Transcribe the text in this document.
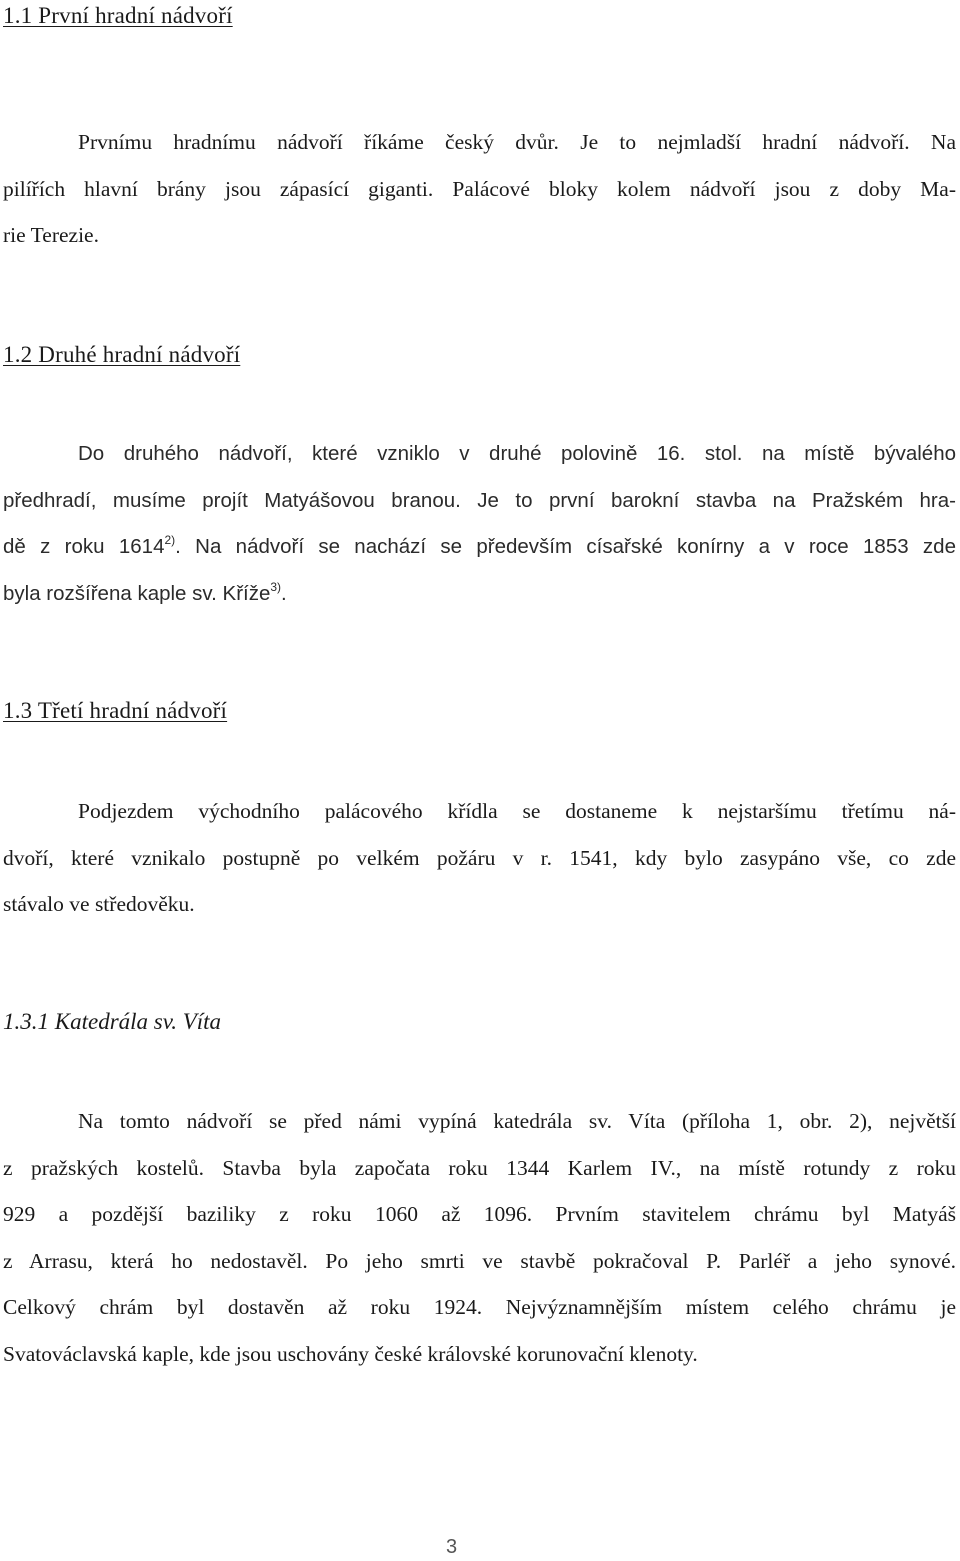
1.1 První hradní nádvoří

Prvnímu hradnímu nádvoří říkáme český dvůr. Je to nejmladší hradní nádvoří. Na
pilířích hlavní brány jsou zápasící giganti. Palácové bloky kolem nádvoří jsou z doby Ma-
rie Terezie.

1.2 Druhé hradní nádvoří

Do druhého nádvoří, které vzniklo v druhé polovině 16. stol. na místě bývalého
předhradí, musíme projít Matyášovou branou. Je to první barokní stavba na Pražském hra-
dě z roku 1614$^{2)}$. Na nádvoří se nachází se především císařské konírny a v roce 1853 zde
byla rozšířena kaple sv. Kříže$^{3)}$.

1.3 Třetí hradní nádvoří

Podjezdem východního palácového křídla se dostaneme k nejstaršímu třetímu ná-
dvoří, které vznikalo postupně po velkém požáru v r. 1541, kdy bylo zasypáno vše, co zde
stávalo ve středověku.

1.3.1 Katedrála sv. Víta

Na tomto nádvoří se před námi vypíná katedrála sv. Víta (příloha 1, obr. 2), největší
z pražských kostelů. Stavba byla započata roku 1344 Karlem IV., na místě rotundy z roku
929 a pozdější baziliky z roku 1060 až 1096. Prvním stavitelem chrámu byl Matyáš
z Arrasu, která ho nedostavěl. Po jeho smrti ve stavbě pokračoval P. Parléř a jeho synové.
Celkový chrám byl dostavěn až roku 1924. Nejvýznamnějším místem celého chrámu je
Svatováclavská kaple, kde jsou uschovány české královské korunovační klenoty.

3
